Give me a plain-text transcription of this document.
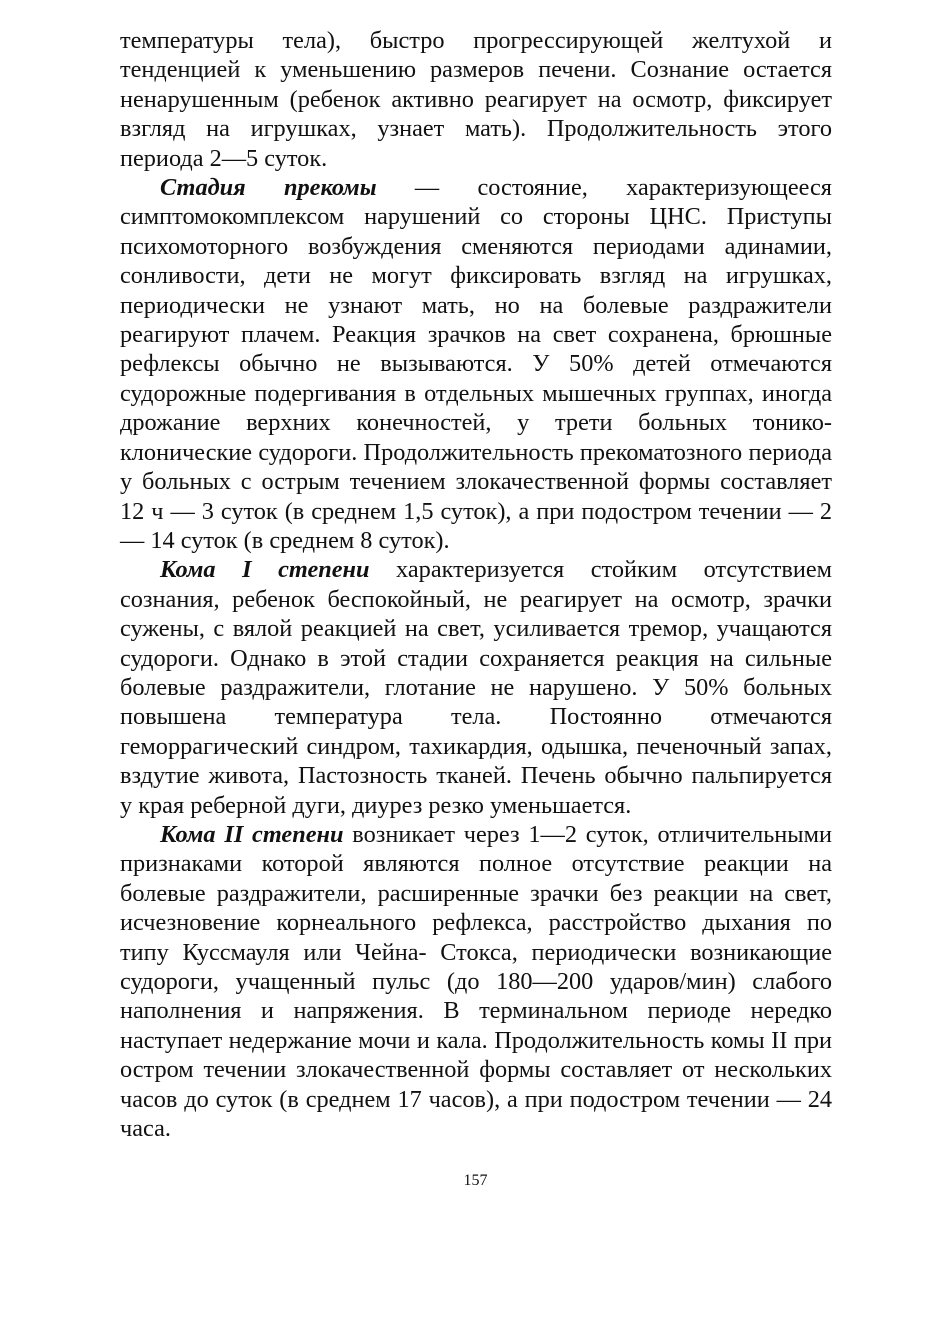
температуры тела), быстро прогрессирующей желтухой и тенденцией к уменьшению размеров печени. Сознание остается ненарушенным (ребенок активно реагирует на осмотр, фиксирует взгляд на игрушках, узнает мать). Продолжительность этого периода 2—5 суток.

Стадия прекомы — состояние, характеризующееся симптомокомплексом нарушений со стороны ЦНС. Приступы психомоторного возбуждения сменяются периодами адинамии, сонливости, дети не могут фиксировать взгляд на игрушках, периодически не узнают мать, но на болевые раздражители реагируют плачем. Реакция зрачков на свет сохранена, брюшные рефлексы обычно не вызываются. У 50% детей отмечаются судорожные подергивания в отдельных мышечных группах, иногда дрожание верхних конечностей, у трети больных тонико-клонические судороги. Продолжительность прекоматозного периода у больных с острым течением злокачественной формы составляет 12 ч — 3 суток (в среднем 1,5 суток), а при подостром течении — 2— 14 суток (в среднем 8 суток).

Кома I степени характеризуется стойким отсутствием сознания, ребенок беспокойный, не реагирует на осмотр, зрачки сужены, с вялой реакцией на свет, усиливается тремор, учащаются судороги. Однако в этой стадии сохраняется реакция на сильные болевые раздражители, глотание не нарушено. У 50% больных повышена температура тела. Постоянно отмечаются геморрагический синдром, тахикардия, одышка, печеночный запах, вздутие живота, Пастозность тканей. Печень обычно пальпируется у края реберной дуги, диурез резко уменьшается.

Кома II степени возникает через 1—2 суток, отличительными признаками которой являются полное отсутствие реакции на болевые раздражители, расширенные зрачки без реакции на свет, исчезновение корнеального рефлекса, расстройство дыхания по типу Куссмауля или Чейна- Стокса, периодически возникающие судороги, учащенный пульс (до 180—200 ударов/мин) слабого наполнения и напряжения. В терминальном периоде нередко наступает недержание мочи и кала. Продолжительность комы II при остром течении злокачественной формы составляет от нескольких часов до суток (в среднем 17 часов), а при подостром течении — 24 часа.

157
